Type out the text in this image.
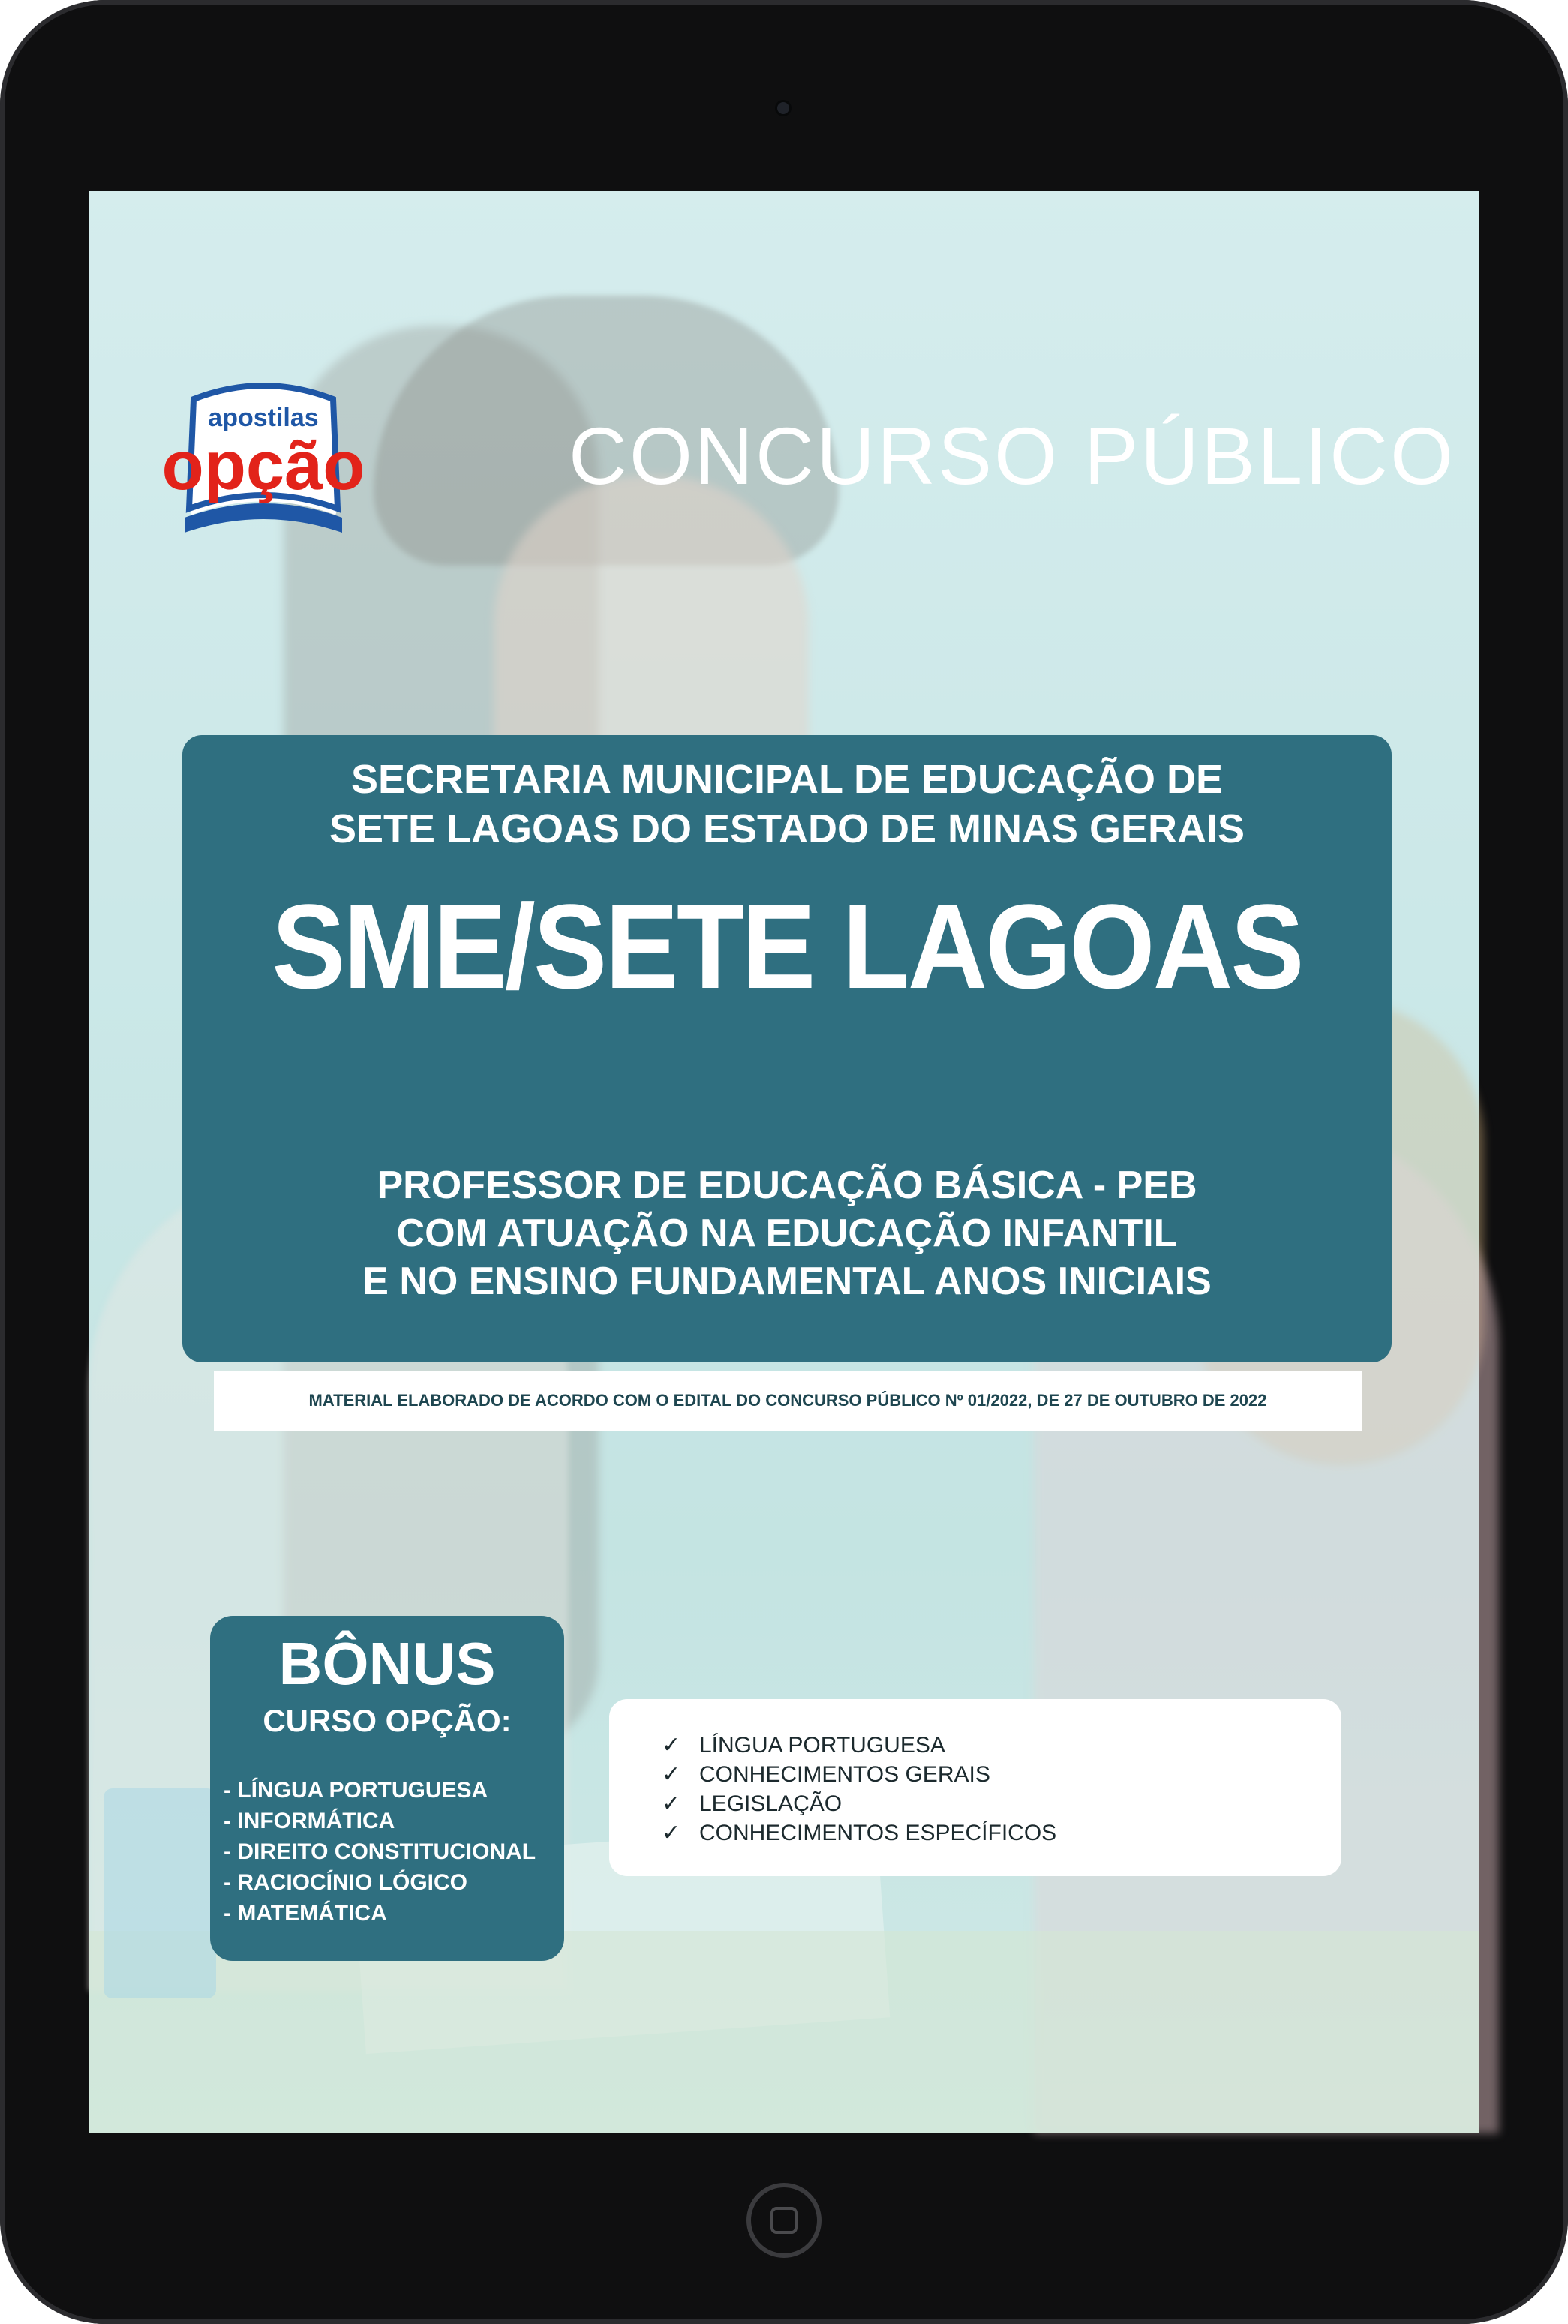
apostilas
opção	CONCURSO PÚBLICO

SECRETARIA MUNICIPAL DE EDUCAÇÃO DE

SETE LAGOAS DO ESTADO DE MINAS GERAIS

SME/SETE LAGOAS

PROFESSOR DE EDUCAÇÃO BÁSICA - PEB

COM ATUAÇÃO NA EDUCAÇÃO INFANTIL

E NO ENSINO FUNDAMENTAL ANOS INICIAIS

MATERIAL ELABORADO DE ACORDO COM O EDITAL DO CONCURSO PÚBLICO Nº 01/2022, DE 27 DE OUTUBRO DE 2022

BÔNUS

CURSO OPÇÃO:

- LÍNGUA PORTUGUESA
- INFORMÁTICA
- DIREITO CONSTITUCIONAL
- RACIOCÍNIO LÓGICO
- MATEMÁTICA
✓ LÍNGUA PORTUGUESA
✓ CONHECIMENTOS GERAIS
✓ LEGISLAÇÃO
✓ CONHECIMENTOS ESPECÍFICOS
